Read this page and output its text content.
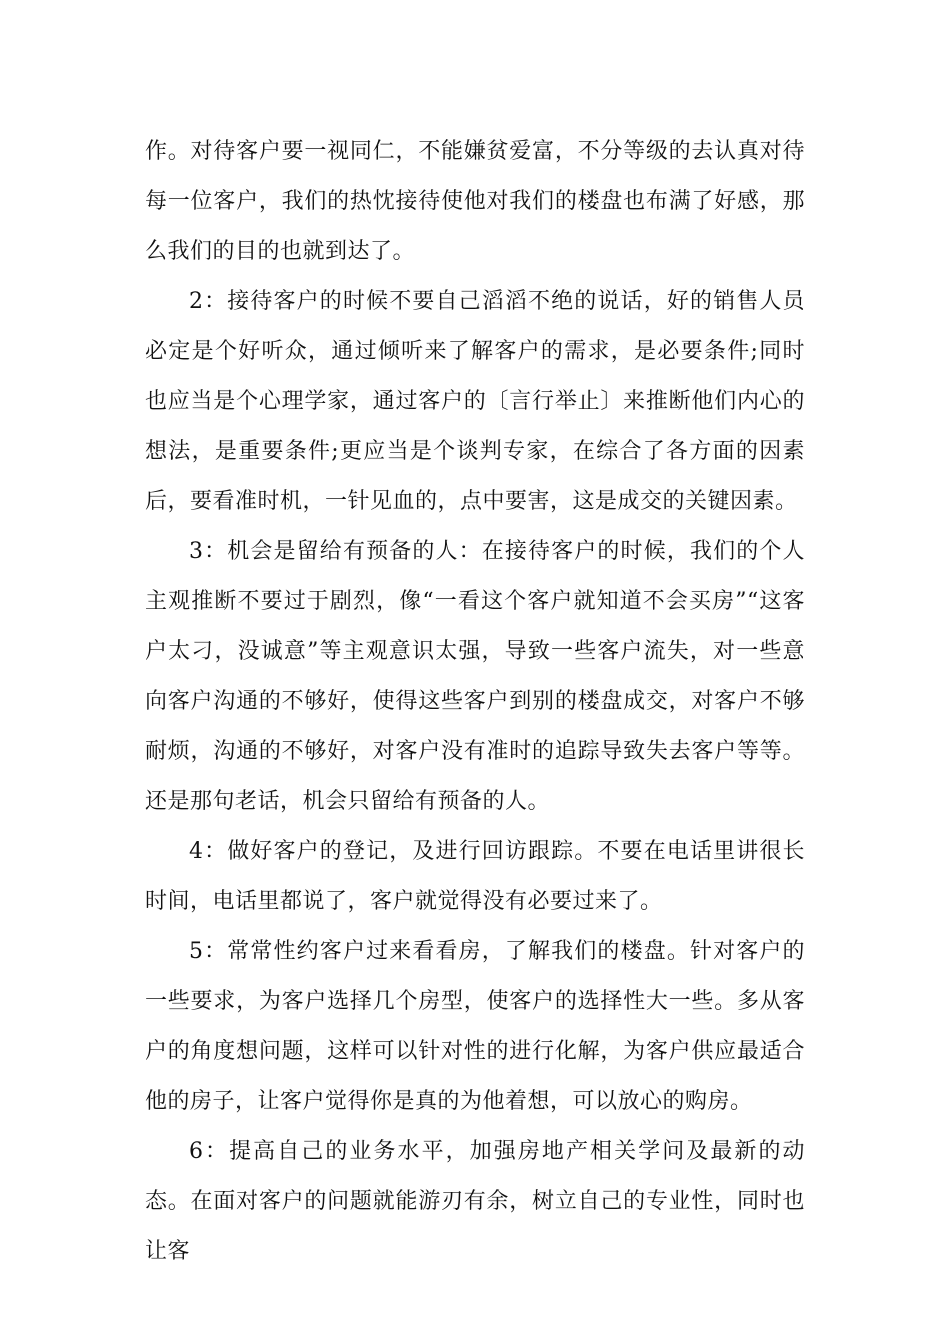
作。对待客户要一视同仁，不能嫌贫爱富，不分等级的去认真对待每一位客户，我们的热忱接待使他对我们的楼盘也布满了好感，那么我们的目的也就到达了。

2：接待客户的时候不要自己滔滔不绝的说话，好的销售人员必定是个好听众，通过倾听来了解客户的需求，是必要条件;同时也应当是个心理学家，通过客户的〔言行举止〕来推断他们内心的想法，是重要条件;更应当是个谈判专家，在综合了各方面的因素后，要看准时机，一针见血的，点中要害，这是成交的关键因素。

3：机会是留给有预备的人：在接待客户的时候，我们的个人主观推断不要过于剧烈，像“一看这个客户就知道不会买房”“这客户太刁，没诚意”等主观意识太强，导致一些客户流失，对一些意向客户沟通的不够好，使得这些客户到别的楼盘成交，对客户不够耐烦，沟通的不够好，对客户没有准时的追踪导致失去客户等等。还是那句老话，机会只留给有预备的人。

4：做好客户的登记，及进行回访跟踪。不要在电话里讲很长时间，电话里都说了，客户就觉得没有必要过来了。

5：常常性约客户过来看看房，了解我们的楼盘。针对客户的一些要求，为客户选择几个房型，使客户的选择性大一些。多从客户的角度想问题，这样可以针对性的进行化解，为客户供应最适合他的房子，让客户觉得你是真的为他着想，可以放心的购房。

6：提高自己的业务水平，加强房地产相关学问及最新的动态。在面对客户的问题就能游刃有余，树立自己的专业性，同时也让客
